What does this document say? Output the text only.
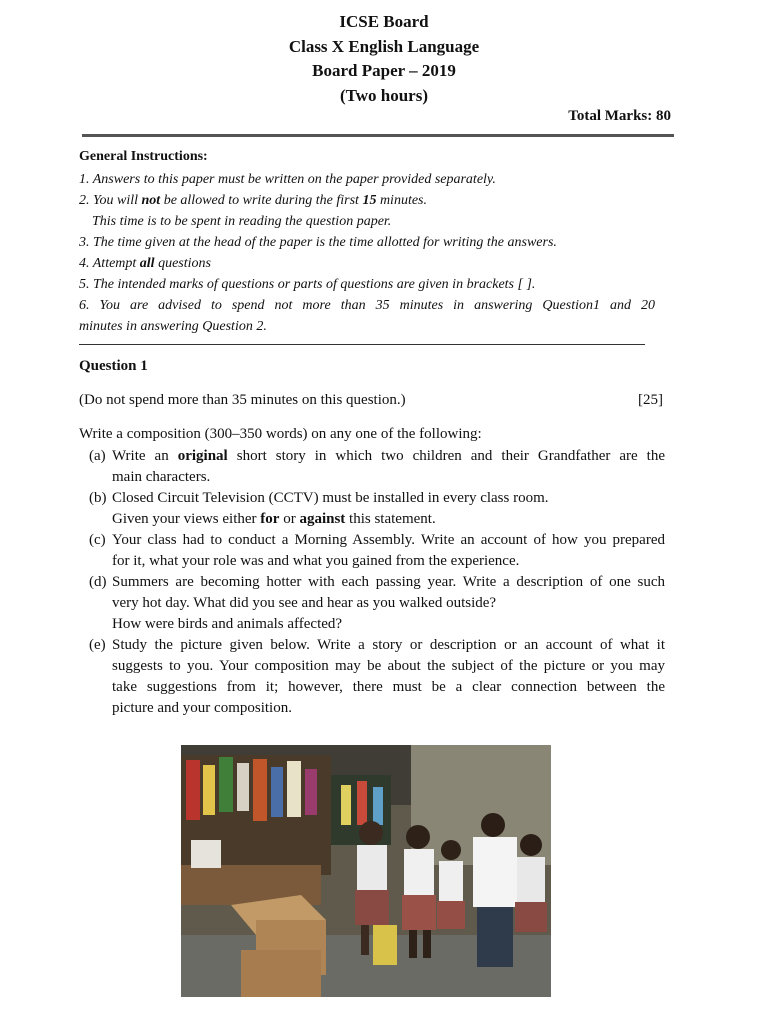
ICSE Board
Class X English Language
Board Paper – 2019
(Two hours)
Total Marks: 80
General Instructions:
1. Answers to this paper must be written on the paper provided separately.
2. You will not be allowed to write during the first 15 minutes.
This time is to be spent in reading the question paper.
3. The time given at the head of the paper is the time allotted for writing the answers.
4. Attempt all questions
5. The intended marks of questions or parts of questions are given in brackets [ ].
6. You are advised to spend not more than 35 minutes in answering Question1 and 20
minutes in answering Question 2.
Question 1
(Do not spend more than 35 minutes on this question.)	[25]
Write a composition (300–350 words) on any one of the following:
(a) Write an original short story in which two children and their Grandfather are the
main characters.
(b) Closed Circuit Television (CCTV) must be installed in every class room.
Given your views either for or against this statement.
(c) Your class had to conduct a Morning Assembly. Write an account of how you prepared
for it, what your role was and what you gained from the experience.
(d) Summers are becoming hotter with each passing year. Write a description of one such
very hot day. What did you see and hear as you walked outside?
How were birds and animals affected?
(e) Study the picture given below. Write a story or description or an account of what it
suggests to you. Your composition may be about the subject of the picture or you may
take suggestions from it; however, there must be a clear connection between the
picture and your composition.
